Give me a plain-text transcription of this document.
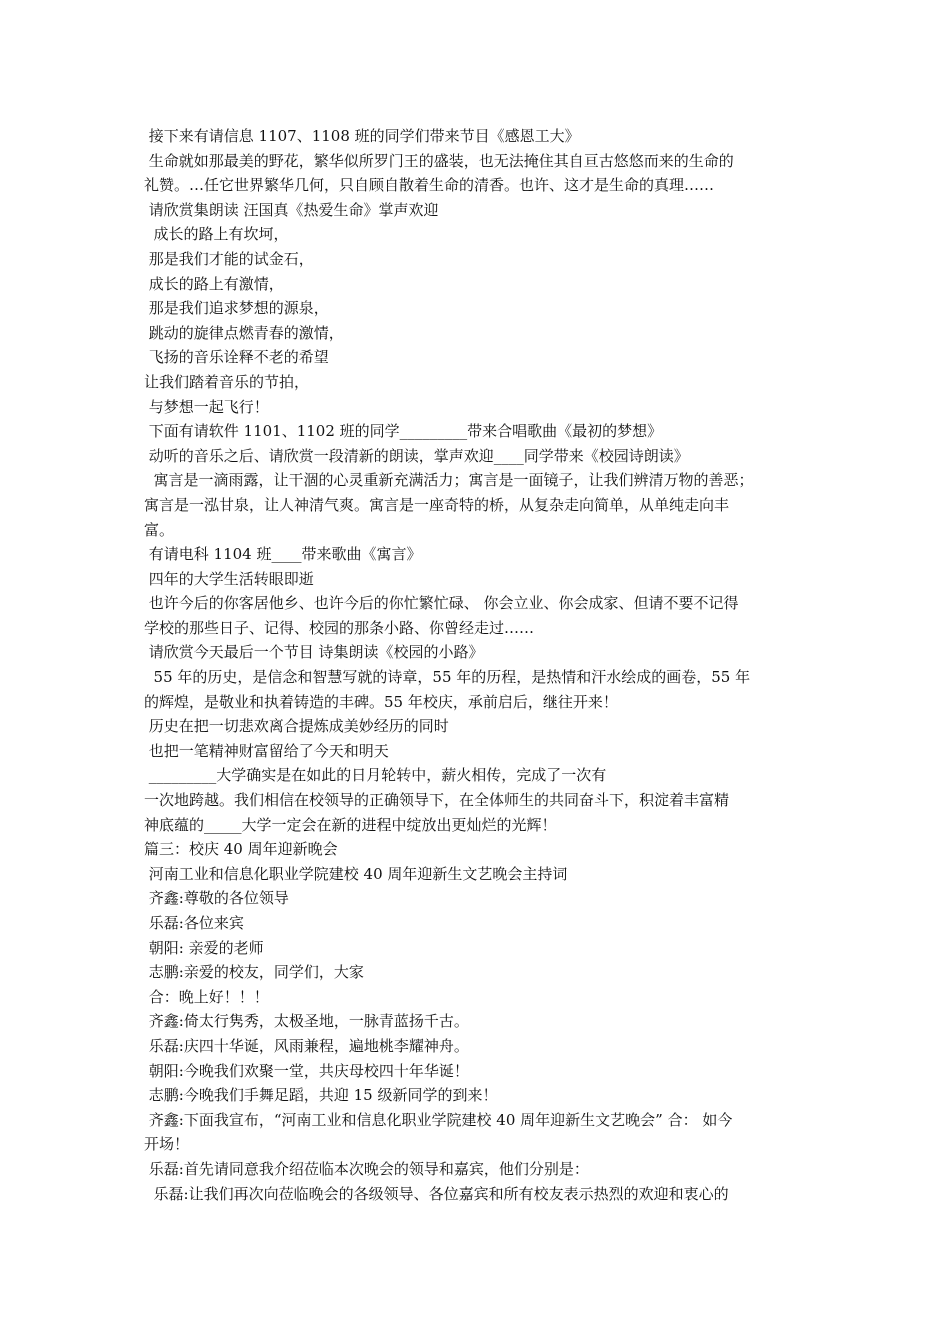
接下来有请信息 1107、1108 班的同学们带来节目《感恩工大》

生命就如那最美的野花，繁华似所罗门王的盛装，也无法掩住其自亘古悠悠而来的生命的

礼赞。…任它世界繁华几何，只自顾自散着生命的清香。也许、这才是生命的真理……

请欣赏集朗读 汪国真《热爱生命》掌声欢迎

成长的路上有坎坷，

那是我们才能的试金石，

成长的路上有激情，

那是我们追求梦想的源泉，

跳动的旋律点燃青春的激情，

飞扬的音乐诠释不老的希望

让我们踏着音乐的节拍，

与梦想一起飞行！

下面有请软件 1101、1102 班的同学_________带来合唱歌曲《最初的梦想》

动听的音乐之后、请欣赏一段清新的朗读，掌声欢迎____同学带来《校园诗朗读》

寓言是一滴雨露，让干涸的心灵重新充满活力；寓言是一面镜子，让我们辨清万物的善恶；

寓言是一泓甘泉，让人神清气爽。寓言是一座奇特的桥，从复杂走向简单，从单纯走向丰

富。

有请电科 1104 班____带来歌曲《寓言》

四年的大学生活转眼即逝

也许今后的你客居他乡、也许今后的你忙繁忙碌、 你会立业、你会成家、但请不要不记得

学校的那些日子、记得、校园的那条小路、你曾经走过……

请欣赏今天最后一个节目 诗集朗读《校园的小路》

55 年的历史，是信念和智慧写就的诗章，55 年的历程，是热情和汗水绘成的画卷，55 年

的辉煌，是敬业和执着铸造的丰碑。55 年校庆，承前启后，继往开来！

历史在把一切悲欢离合提炼成美妙经历的同时

也把一笔精神财富留给了今天和明天

_________大学确实是在如此的日月轮转中，薪火相传，完成了一次有

一次地跨越。我们相信在校领导的正确领导下，在全体师生的共同奋斗下，积淀着丰富精

神底蕴的_____大学一定会在新的进程中绽放出更灿烂的光辉！

篇三：校庆 40 周年迎新晚会

河南工业和信息化职业学院建校 40 周年迎新生文艺晚会主持词

齐鑫:尊敬的各位领导

乐磊:各位来宾

朝阳: 亲爱的老师

志鹏:亲爱的校友，同学们，大家

合：晚上好！！！

齐鑫:倚太行隽秀，太极圣地，一脉青蓝扬千古。

乐磊:庆四十华诞，风雨兼程，遍地桃李耀神舟。

朝阳:今晚我们欢聚一堂，共庆母校四十年华诞！

志鹏:今晚我们手舞足蹈，共迎 15 级新同学的到来！

齐鑫:下面我宣布，“河南工业和信息化职业学院建校 40 周年迎新生文艺晚会” 合： 如今

开场！

乐磊:首先请同意我介绍莅临本次晚会的领导和嘉宾，他们分别是：

乐磊:让我们再次向莅临晚会的各级领导、各位嘉宾和所有校友表示热烈的欢迎和衷心的
